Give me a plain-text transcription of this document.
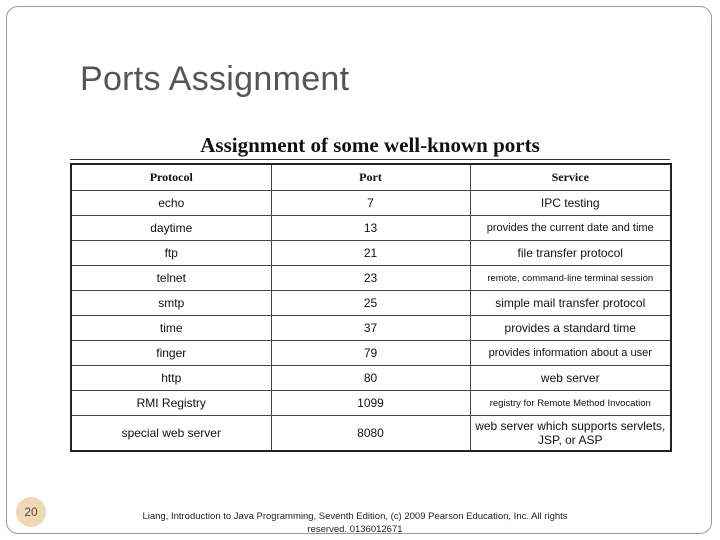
Ports Assignment
Assignment of some well-known ports
Protocol	Port	Service
echo	7	IPC testing
daytime	13	provides the current date and time
ftp	21	file transfer protocol
telnet	23	remote, command-line terminal session
smtp	25	simple mail transfer protocol
time	37	provides a standard time
finger	79	provides information about a user
http	80	web server
RMI Registry	1099	registry for Remote Method Invocation
special web server	8080	web server which supports servlets, JSP, or ASP
20	Liang, Introduction to Java Programming, Seventh Edition, (c) 2009 Pearson Education, Inc. All rights reserved. 0136012671
